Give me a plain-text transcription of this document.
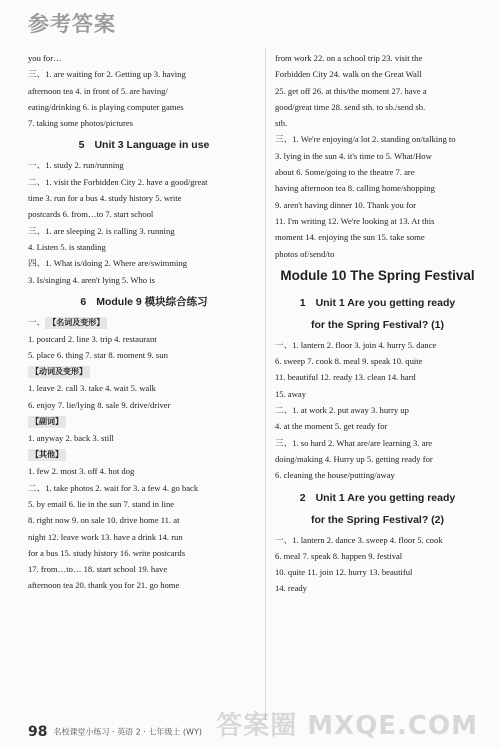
参考答案
you for…
三、1. are waiting for 2. Getting up 3. having
afternoon tea 4. in front of 5. are having/
eating/drinking 6. is playing computer games
7. taking some photos/pictures
5 Unit 3 Language in use
一、1. study 2. run/running
二、1. visit the Forbidden City 2. have a good/great
time 3. run for a bus 4. study history 5. write
postcards 6. from…to 7. start school
三、1. are sleeping 2. is calling 3. running
4. Listen 5. is standing
四、1. What is/doing 2. Where are/swimming
3. Is/singing 4. aren't lying 5. Who is
6 Module 9 模块综合练习
一、 【名词及变形】
1. postcard 2. line 3. trip 4. restaurant
5. place 6. thing 7. star 8. moment 9. sun
【动词及变形】
1. leave 2. call 3. take 4. wait 5. walk
6. enjoy 7. lie/lying 8. sale 9. drive/driver
【副词】
1. anyway 2. back 3. still
【其他】
1. few 2. most 3. off 4. hot dog
二、1. take photos 2. wait for 3. a few 4. go back
5. by email 6. lie in the sun 7. stand in line
8. right now 9. on sale 10. drive home 11. at
night 12. leave work 13. have a drink 14. run
for a bus 15. study history 16. write postcards
17. from…to… 18. start school 19. have
afternoon tea 20. thank you for 21. go home
from work 22. on a school trip 23. visit the
Forbidden City 24. walk on the Great Wall
25. get off 26. at this/the moment 27. have a
good/great time 28. send sth. to sb./send sb.
sth.
三、1. We're enjoying/a lot 2. standing on/talking to
3. lying in the sun 4. it's time to 5. What/How
about 6. Some/going to the theatre 7. are
having afternoon tea 8. calling home/shopping
9. aren't having dinner 10. Thank you for
11. I'm writing 12. We're looking at 13. At this
moment 14. enjoying the sun 15. take some
photos of/send/to
Module 10 The Spring Festival
1 Unit 1 Are you getting ready
for the Spring Festival? (1)
一、1. lantern 2. floor 3. join 4. hurry 5. dance
6. sweep 7. cook 8. meal 9. speak 10. quite
11. beautiful 12. ready 13. clean 14. hard
15. away
二、1. at work 2. put away 3. hurry up
4. at the moment 5. get ready for
三、1. so hard 2. What are/are learning 3. are
doing/making 4. Hurry up 5. getting ready for
6. cleaning the house/putting/away
2 Unit 1 Are you getting ready
for the Spring Festival? (2)
一、1. lantern 2. dance 3. sweep 4. floor 5. cook
6. meal 7. speak 8. happen 9. festival
10. quite 11. join 12. hurry 13. beautiful
14. ready
98 名校课堂小练习 · 英语 2 · 七年级上 (WY) 答案圈 MXQE.COM
